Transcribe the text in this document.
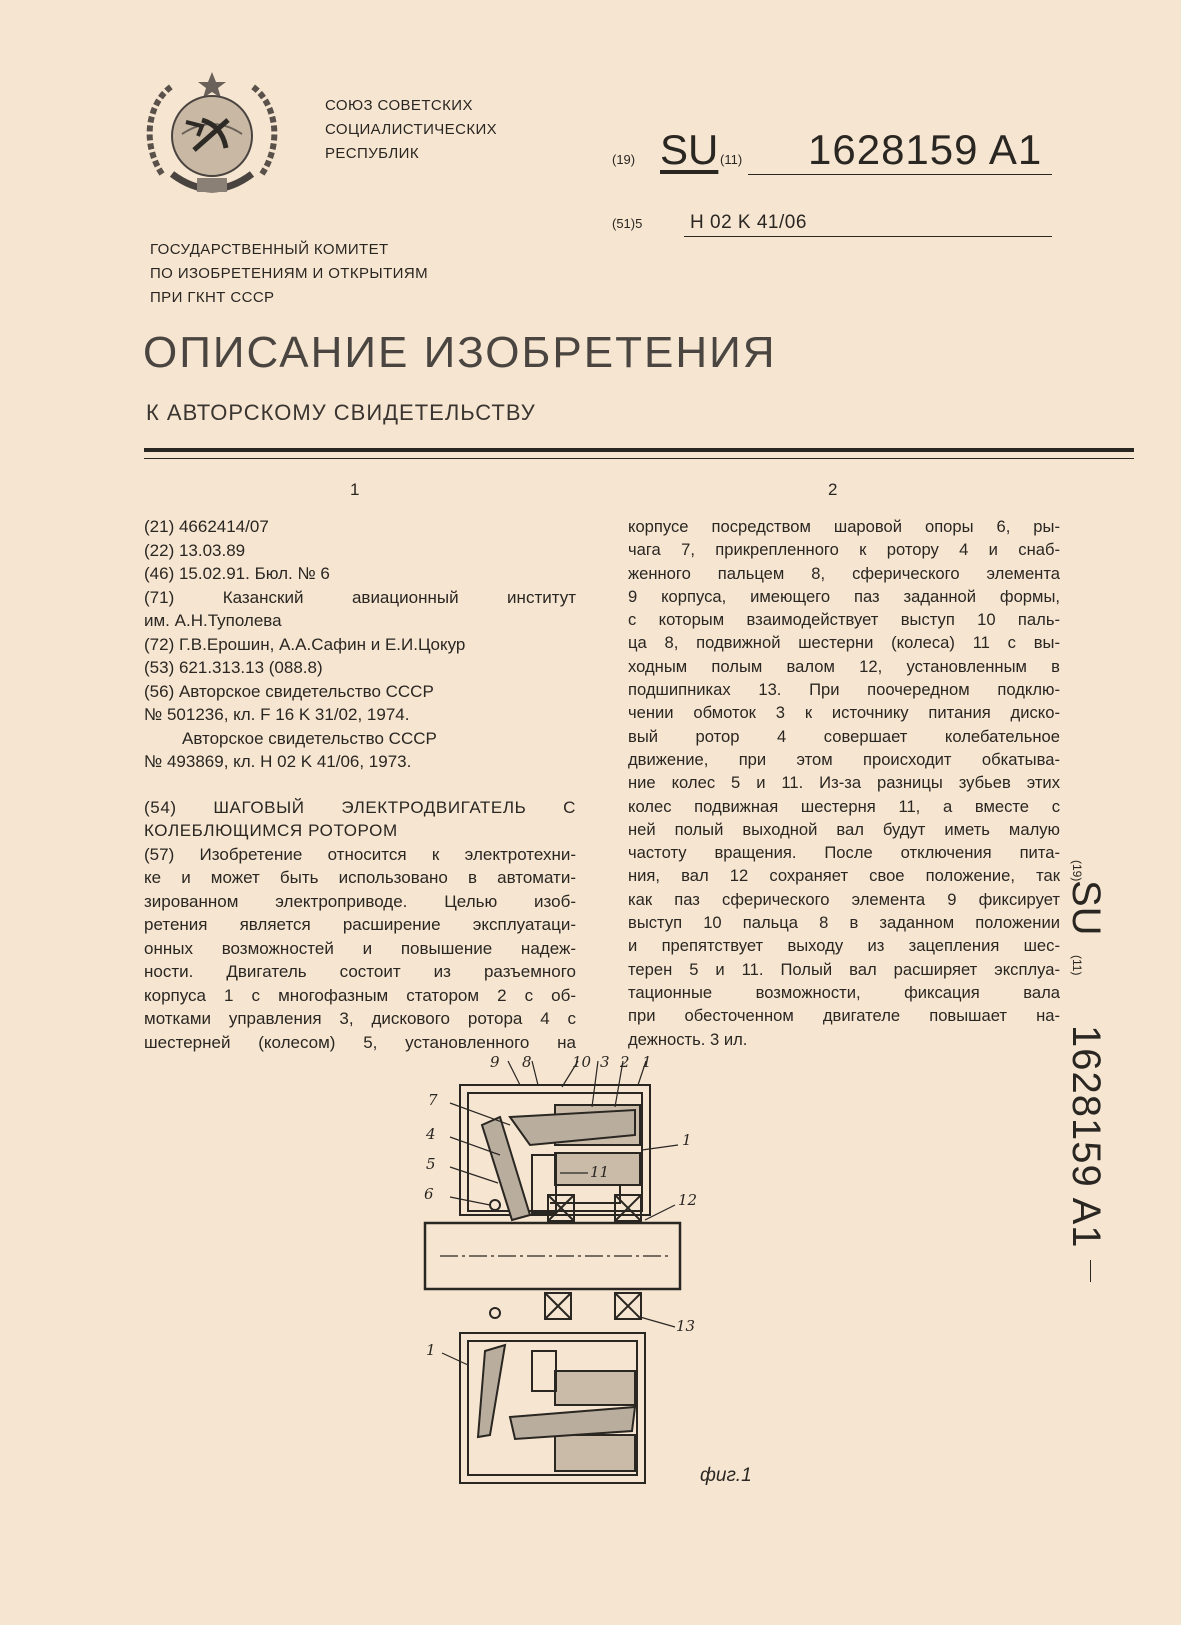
СОЮЗ СОВЕТСКИХ
СОЦИАЛИСТИЧЕСКИХ
РЕСПУБЛИК	(19) SU (11) 1628159 A1
(51)5	H 02 K 41/06
ГОСУДАРСТВЕННЫЙ КОМИТЕТ
ПО ИЗОБРЕТЕНИЯМ И ОТКРЫТИЯМ
ПРИ ГКНТ СССР
ОПИСАНИЕ ИЗОБРЕТЕНИЯ
К АВТОРСКОМУ СВИДЕТЕЛЬСТВУ
1	2
(21) 4662414/07
(22) 13.03.89
(46) 15.02.91. Бюл. № 6
(71) Казанский авиационный институт
им. А.Н.Туполева
(72) Г.В.Ерошин, А.А.Сафин и Е.И.Цокур
(53) 621.313.13 (088.8)
(56) Авторское свидетельство СССР
№ 501236, кл. F 16 K 31/02, 1974.
Авторское свидетельство СССР
№ 493869, кл. H 02 K 41/06, 1973.
(54) ШАГОВЫЙ ЭЛЕКТРОДВИГАТЕЛЬ С
КОЛЕБЛЮЩИМСЯ РОТОРОМ
(57) Изобретение относится к электротехни-
ке и может быть использовано в автомати-
зированном электроприводе. Целью изоб-
ретения является расширение эксплуатаци-
онных возможностей и повышение надеж-
ности. Двигатель состоит из разъемного
корпуса 1 с многофазным статором 2 с об-
мотками управления 3, дискового ротора 4 с
шестерней (колесом) 5, установленного на
корпусе посредством шаровой опоры 6, ры-
чага 7, прикрепленного к ротору 4 и снаб-
женного пальцем 8, сферического элемента
9 корпуса, имеющего паз заданной формы,
с которым взаимодействует выступ 10 паль-
ца 8, подвижной шестерни (колеса) 11 с вы-
ходным полым валом 12, установленным в
подшипниках 13. При поочередном подклю-
чении обмоток 3 к источнику питания диско-
вый ротор 4 совершает колебательное
движение, при этом происходит обкатыва-
ние колес 5 и 11. Из-за разницы зубьев этих
колес подвижная шестерня 11, а вместе с
ней полый выходной вал будут иметь малую
частоту вращения. После отключения пита-
ния, вал 12 сохраняет свое положение, так
как паз сферического элемента 9 фиксирует
выступ 10 пальца 8 в заданном положении
и препятствует выходу из зацепления шес-
терен 5 и 11. Полый вал расширяет эксплуа-
тационные возможности, фиксация вала
при обесточенном двигателе повышает на-
дежность. 3 ил.
(19)
SU
(11)
1628159 A1
9 8	10 3 2 1
7
4
5
6
1
1
11
12
13
фиг.1
